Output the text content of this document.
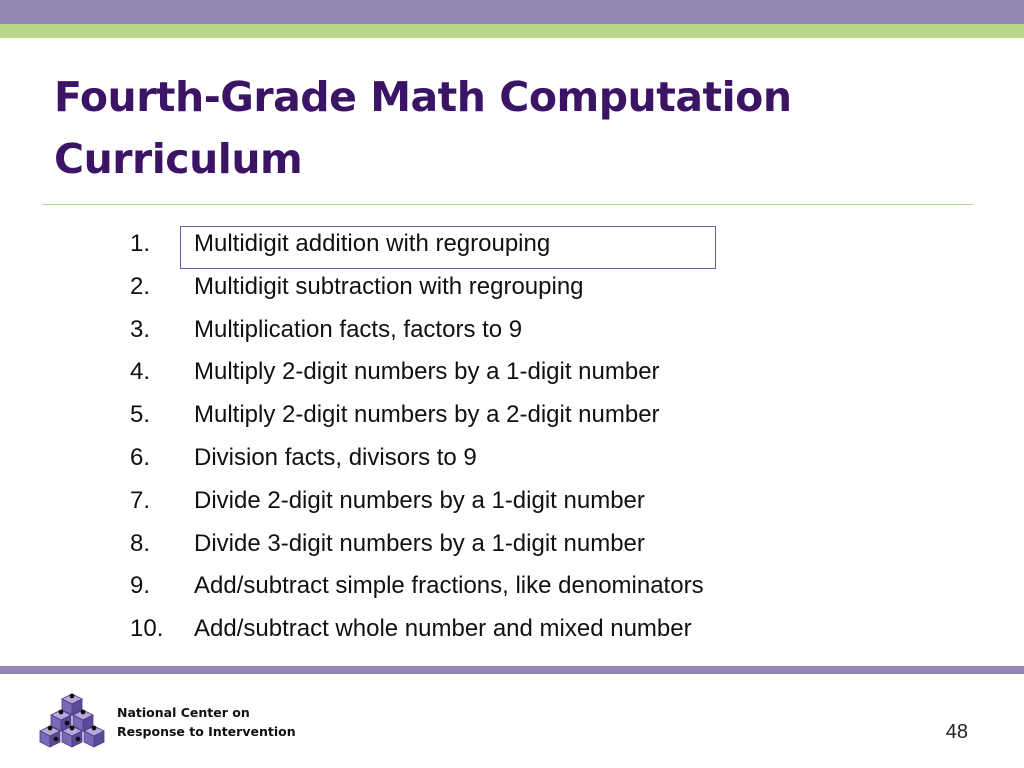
Fourth-Grade Math Computation
Curriculum
1. Multidigit addition with regrouping
2. Multidigit subtraction with regrouping
3. Multiplication facts, factors to 9
4. Multiply 2-digit numbers by a 1-digit number
5. Multiply 2-digit numbers by a 2-digit number
6. Division facts, divisors to 9
7. Divide 2-digit numbers by a 1-digit number
8. Divide 3-digit numbers by a 1-digit number
9. Add/subtract simple fractions, like denominators
10. Add/subtract whole number and mixed number
National Center on
Response to Intervention	48
